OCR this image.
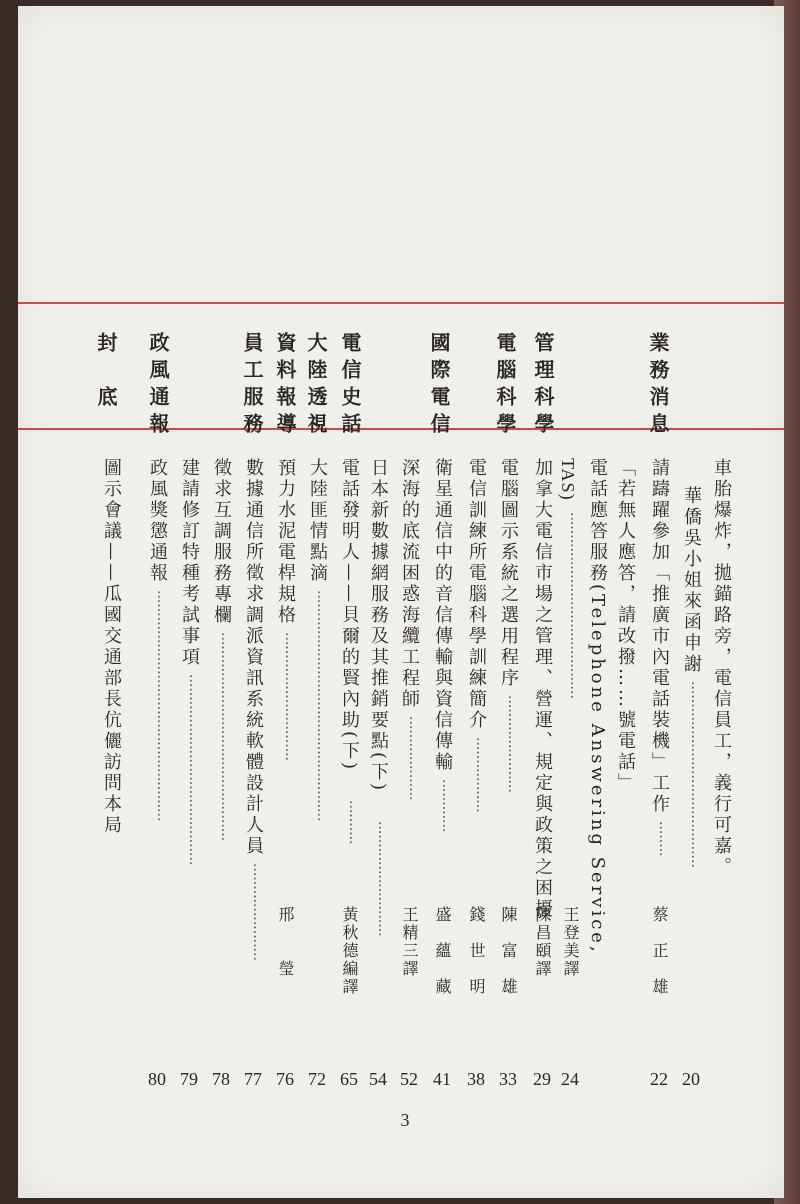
業務消息
管理科學
電腦科學
國際電信
電信史話
大陸透視
資料報導
員工服務
政風通報
封　底
車胎爆炸，拋錨路旁，電信員工，義行可嘉。
華僑吳小姐來函申謝
··········································
20
請躊躍參加「推廣市內電話裝機」工作
········
蔡　正　雄
22
「若無人應答，請改撥……號電話」
電話應答服務(Telephone Answering Service,
TAS)
··········································
王登美譯
24
加拿大電信市場之管理、營運、規定與政策之困擾
陳昌頤譯
29
電腦圖示系統之選用程序
······················
陳　富　雄
33
電信訓練所電腦科學訓練簡介
·················
錢　世　明
38
衛星通信中的音信傳輸與資信傳輸
············
盛　蘊　藏
41
深海的底流困惑海纜工程師
···················
王精三譯
52
日本新數據網服務及其推銷要點(下)
··························
54
電話發明人——貝爾的賢內助(下)
··········
黃秋德編譯
65
大陸匪情點滴
····················································
72
預力水泥電桿規格
·····························
邢　　瑩
76
數據通信所徵求調派資訊系統軟體設計人員
······················
77
徵求互調服務專欄
···············································
78
建請修訂特種考試事項
···········································
79
政風獎懲通報
····················································
80
圖示會議——瓜國交通部長伉儷訪問本局
3
